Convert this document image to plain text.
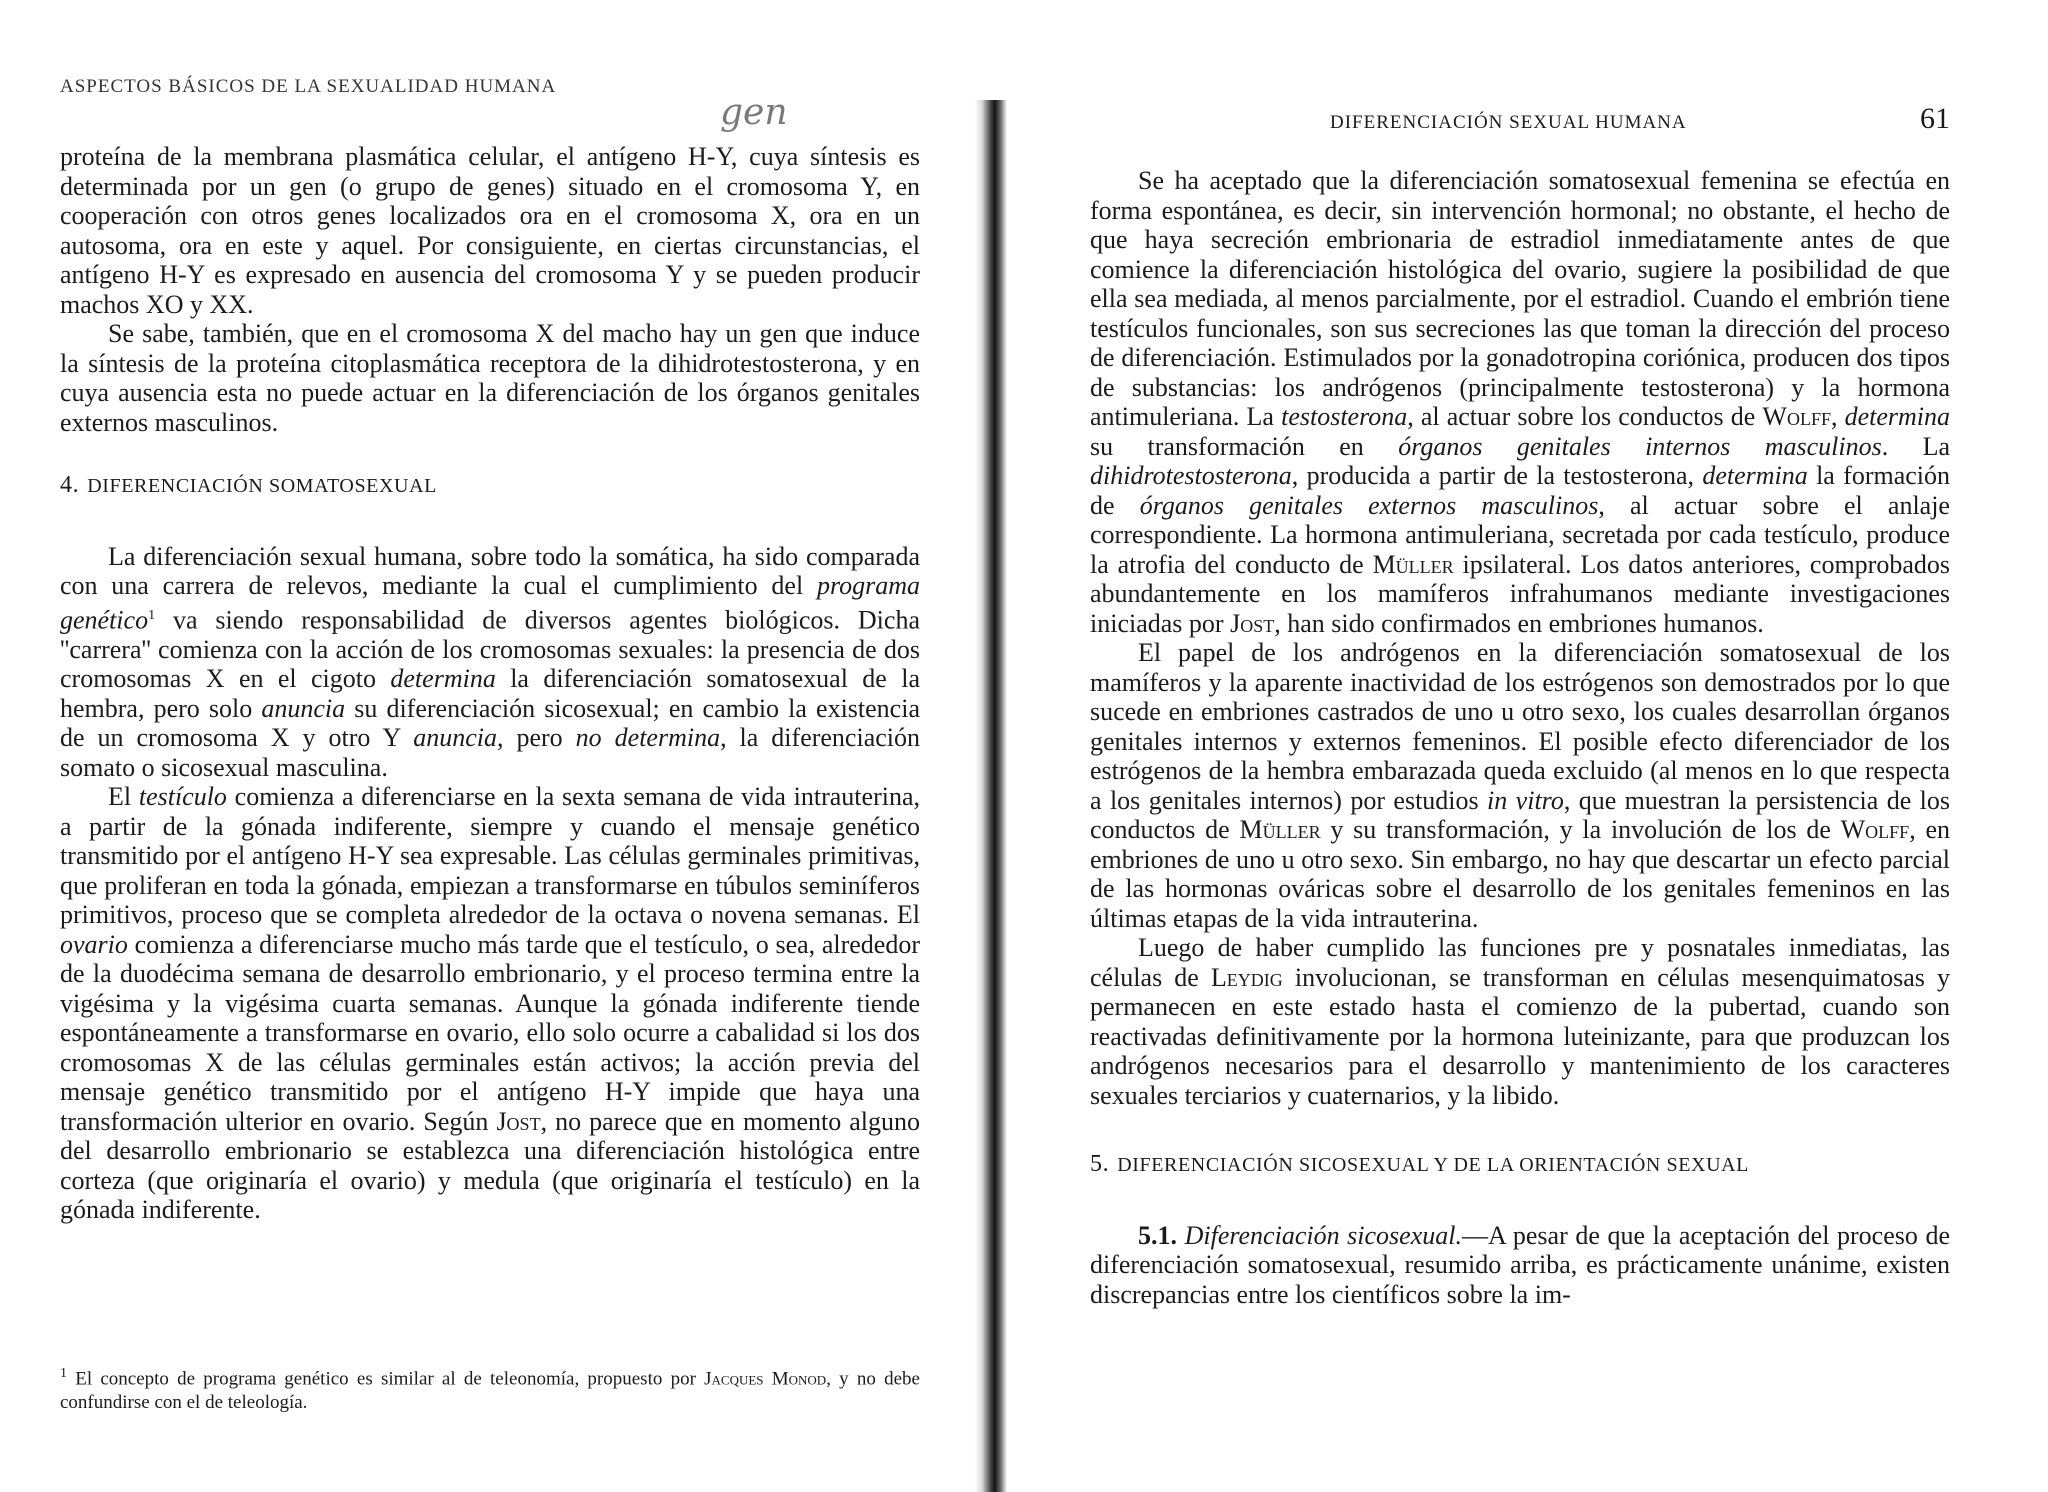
ASPECTOS BÁSICOS DE LA SEXUALIDAD HUMANA
gen

proteína de la membrana plasmática celular, el antígeno H-Y, cuya síntesis es determinada por un gen (o grupo de genes) situado en el cromosoma Y, en cooperación con otros genes localizados ora en el cromosoma X, ora en un autosoma, ora en este y aquel. Por consiguiente, en ciertas circunstancias, el antígeno H-Y es expresado en ausencia del cromosoma Y y se pueden producir machos XO y XX.

Se sabe, también, que en el cromosoma X del macho hay un gen que induce la síntesis de la proteína citoplasmática receptora de la dihidrotestosterona, y en cuya ausencia esta no puede actuar en la diferenciación de los órganos genitales externos masculinos.

4. DIFERENCIACIÓN SOMATOSEXUAL

La diferenciación sexual humana, sobre todo la somática, ha sido comparada con una carrera de relevos, mediante la cual el cumplimiento del programa genético$^1$ va siendo responsabilidad de diversos agentes biológicos. Dicha ''carrera'' comienza con la acción de los cromosomas sexuales: la presencia de dos cromosomas X en el cigoto determina la diferenciación somatosexual de la hembra, pero solo anuncia su diferenciación sicosexual; en cambio la existencia de un cromosoma X y otro Y anuncia, pero no determina, la diferenciación somato o sicosexual masculina.

El testículo comienza a diferenciarse en la sexta semana de vida intrauterina, a partir de la gónada indiferente, siempre y cuando el mensaje genético transmitido por el antígeno H-Y sea expresable. Las células germinales primitivas, que proliferan en toda la gónada, empiezan a transformarse en túbulos seminíferos primitivos, proceso que se completa alrededor de la octava o novena semanas. El ovario comienza a diferenciarse mucho más tarde que el testículo, o sea, alrededor de la duodécima semana de desarrollo embrionario, y el proceso termina entre la vigésima y la vigésima cuarta semanas. Aunque la gónada indiferente tiende espontáneamente a transformarse en ovario, ello solo ocurre a cabalidad si los dos cromosomas X de las células germinales están activos; la acción previa del mensaje genético transmitido por el antígeno H-Y impide que haya una transformación ulterior en ovario. Según Jost, no parece que en momento alguno del desarrollo embrionario se establezca una diferenciación histológica entre corteza (que originaría el ovario) y medula (que originaría el testículo) en la gónada indiferente.

$^1$ El concepto de programa genético es similar al de teleonomía, propuesto por Jacques Monod, y no debe confundirse con el de teleología.
DIFERENCIACIÓN SEXUAL HUMANA	61

Se ha aceptado que la diferenciación somatosexual femenina se efectúa en forma espontánea, es decir, sin intervención hormonal; no obstante, el hecho de que haya secreción embrionaria de estradiol inmediatamente antes de que comience la diferenciación histológica del ovario, sugiere la posibilidad de que ella sea mediada, al menos parcialmente, por el estradiol. Cuando el embrión tiene testículos funcionales, son sus secreciones las que toman la dirección del proceso de diferenciación. Estimulados por la gonadotropina coriónica, producen dos tipos de substancias: los andrógenos (principalmente testosterona) y la hormona antimuleriana. La testosterona, al actuar sobre los conductos de Wolff, determina su transformación en órganos genitales internos masculinos. La dihidrotestosterona, producida a partir de la testosterona, determina la formación de órganos genitales externos masculinos, al actuar sobre el anlaje correspondiente. La hormona antimuleriana, secretada por cada testículo, produce la atrofia del conducto de Müller ipsilateral. Los datos anteriores, comprobados abundantemente en los mamíferos infrahumanos mediante investigaciones iniciadas por Jost, han sido confirmados en embriones humanos.

El papel de los andrógenos en la diferenciación somatosexual de los mamíferos y la aparente inactividad de los estrógenos son demostrados por lo que sucede en embriones castrados de uno u otro sexo, los cuales desarrollan órganos genitales internos y externos femeninos. El posible efecto diferenciador de los estrógenos de la hembra embarazada queda excluido (al menos en lo que respecta a los genitales internos) por estudios in vitro, que muestran la persistencia de los conductos de Müller y su transformación, y la involución de los de Wolff, en embriones de uno u otro sexo. Sin embargo, no hay que descartar un efecto parcial de las hormonas ováricas sobre el desarrollo de los genitales femeninos en las últimas etapas de la vida intrauterina.

Luego de haber cumplido las funciones pre y posnatales inmediatas, las células de Leydig involucionan, se transforman en células mesenquimatosas y permanecen en este estado hasta el comienzo de la pubertad, cuando son reactivadas definitivamente por la hormona luteinizante, para que produzcan los andrógenos necesarios para el desarrollo y mantenimiento de los caracteres sexuales terciarios y cuaternarios, y la libido.

5. DIFERENCIACIÓN SICOSEXUAL Y DE LA ORIENTACIÓN SEXUAL

5.1. Diferenciación sicosexual.—A pesar de que la aceptación del proceso de diferenciación somatosexual, resumido arriba, es prácticamente unánime, existen discrepancias entre los científicos sobre la im-
